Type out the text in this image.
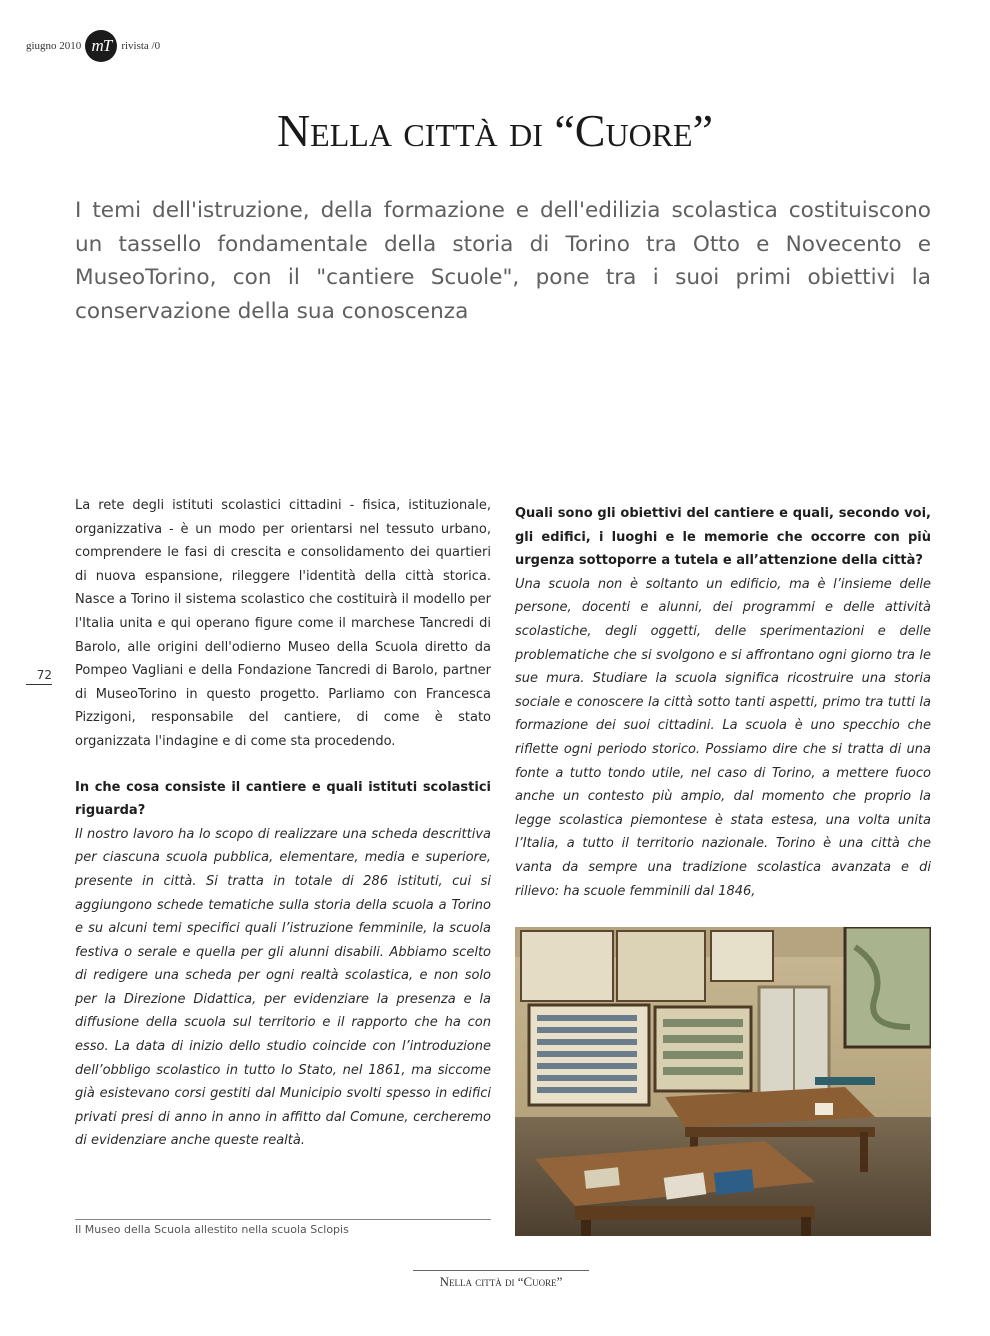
giugno 2010 mT rivista /0
Nella città di “Cuore”

I temi dell'istruzione, della formazione e dell'edilizia scolastica costituiscono un tassello fondamentale della storia di Torino tra Otto e Novecento e MuseoTorino, con il "cantiere Scuole", pone tra i suoi primi obiettivi la conservazione della sua conoscenza

72

La rete degli istituti scolastici cittadini - fisica, istituzionale, organizzativa - è un modo per orientarsi nel tessuto urbano, comprendere le fasi di crescita e consolidamento dei quartieri di nuova espansione, rileggere l'identità della città storica. Nasce a Torino il sistema scolastico che costituirà il modello per l'Italia unita e qui operano figure come il marchese Tancredi di Barolo, alle origini dell'odierno Museo della Scuola diretto da Pompeo Vagliani e della Fondazione Tancredi di Barolo, partner di MuseoTorino in questo progetto. Parliamo con Francesca Pizzigoni, responsabile del cantiere, di come è stato organizzata l'indagine e di come sta procedendo.

In che cosa consiste il cantiere e quali istituti scolastici riguarda?

Il nostro lavoro ha lo scopo di realizzare una scheda descrittiva per ciascuna scuola pubblica, elementare, media e superiore, presente in città. Si tratta in totale di 286 istituti, cui si aggiungono schede tematiche sulla storia della scuola a Torino e su alcuni temi specifici quali l’istruzione femminile, la scuola festiva o serale e quella per gli alunni disabili. Abbiamo scelto di redigere una scheda per ogni realtà scolastica, e non solo per la Direzione Didattica, per evidenziare la presenza e la diffusione della scuola sul territorio e il rapporto che ha con esso. La data di inizio dello studio coincide con l’introduzione dell’obbligo scolastico in tutto lo Stato, nel 1861, ma siccome già esistevano corsi gestiti dal Municipio svolti spesso in edifici privati presi di anno in anno in affitto dal Comune, cercheremo di evidenziare anche queste realtà.

Quali sono gli obiettivi del cantiere e quali, secondo voi, gli edifici, i luoghi e le memorie che occorre con più urgenza sottoporre a tutela e all’attenzione della città?

Una scuola non è soltanto un edificio, ma è l’insieme delle persone, docenti e alunni, dei programmi e delle attività scolastiche, degli oggetti, delle sperimentazioni e delle problematiche che si svolgono e si affrontano ogni giorno tra le sue mura. Studiare la scuola significa ricostruire una storia sociale e conoscere la città sotto tanti aspetti, primo tra tutti la formazione dei suoi cittadini. La scuola è uno specchio che riflette ogni periodo storico. Possiamo dire che si tratta di una fonte a tutto tondo utile, nel caso di Torino, a mettere fuoco anche un contesto più ampio, dal momento che proprio la legge scolastica piemontese è stata estesa, una volta unita l’Italia, a tutto il territorio nazionale. Torino è una città che vanta da sempre una tradizione scolastica avanzata e di rilievo: ha scuole femminili dal 1846,

Il Museo della Scuola allestito nella scuola Sclopis
Nella città di “Cuore”
